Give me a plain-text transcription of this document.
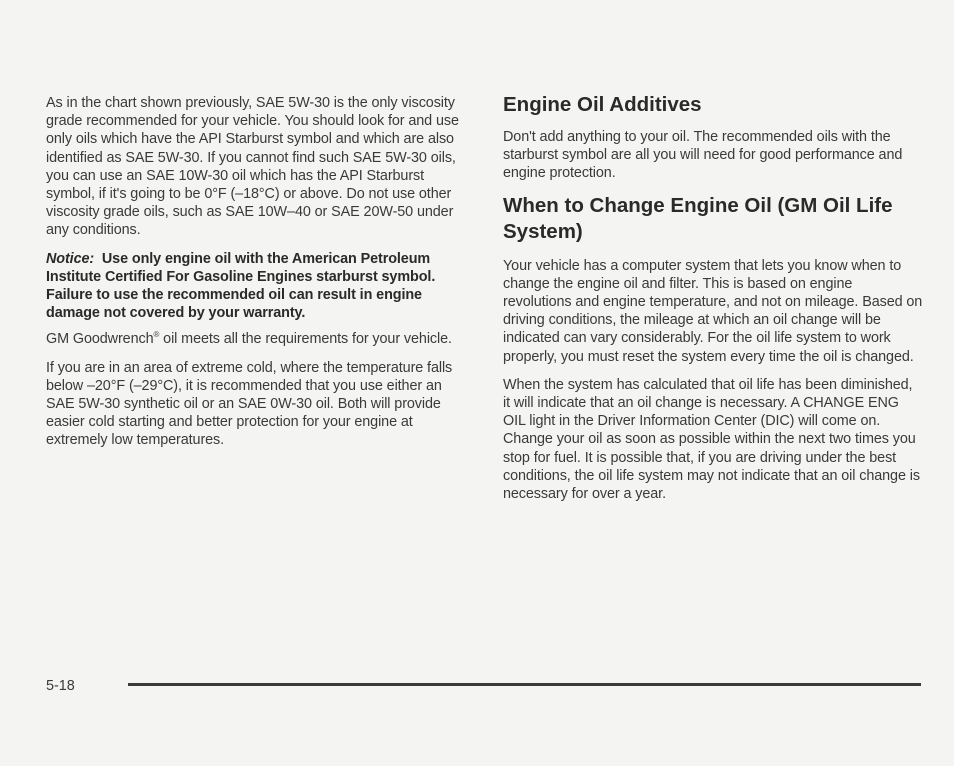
As in the chart shown previously, SAE 5W-30 is the only viscosity grade recommended for your vehicle. You should look for and use only oils which have the API Starburst symbol and which are also identified as SAE 5W-30. If you cannot find such SAE 5W-30 oils, you can use an SAE 10W-30 oil which has the API Starburst symbol, if it's going to be 0°F (–18°C) or above. Do not use other viscosity grade oils, such as SAE 10W–40 or SAE 20W-50 under any conditions.

Notice: Use only engine oil with the American Petroleum Institute Certified For Gasoline Engines starburst symbol. Failure to use the recommended oil can result in engine damage not covered by your warranty.

GM Goodwrench® oil meets all the requirements for your vehicle.

If you are in an area of extreme cold, where the temperature falls below –20°F (–29°C), it is recommended that you use either an SAE 5W-30 synthetic oil or an SAE 0W-30 oil. Both will provide easier cold starting and better protection for your engine at extremely low temperatures.

Engine Oil Additives

Don't add anything to your oil. The recommended oils with the starburst symbol are all you will need for good performance and engine protection.

When to Change Engine Oil (GM Oil Life System)

Your vehicle has a computer system that lets you know when to change the engine oil and filter. This is based on engine revolutions and engine temperature, and not on mileage. Based on driving conditions, the mileage at which an oil change will be indicated can vary considerably. For the oil life system to work properly, you must reset the system every time the oil is changed.

When the system has calculated that oil life has been diminished, it will indicate that an oil change is necessary. A CHANGE ENG OIL light in the Driver Information Center (DIC) will come on. Change your oil as soon as possible within the next two times you stop for fuel. It is possible that, if you are driving under the best conditions, the oil life system may not indicate that an oil change is necessary for over a year.

5-18
